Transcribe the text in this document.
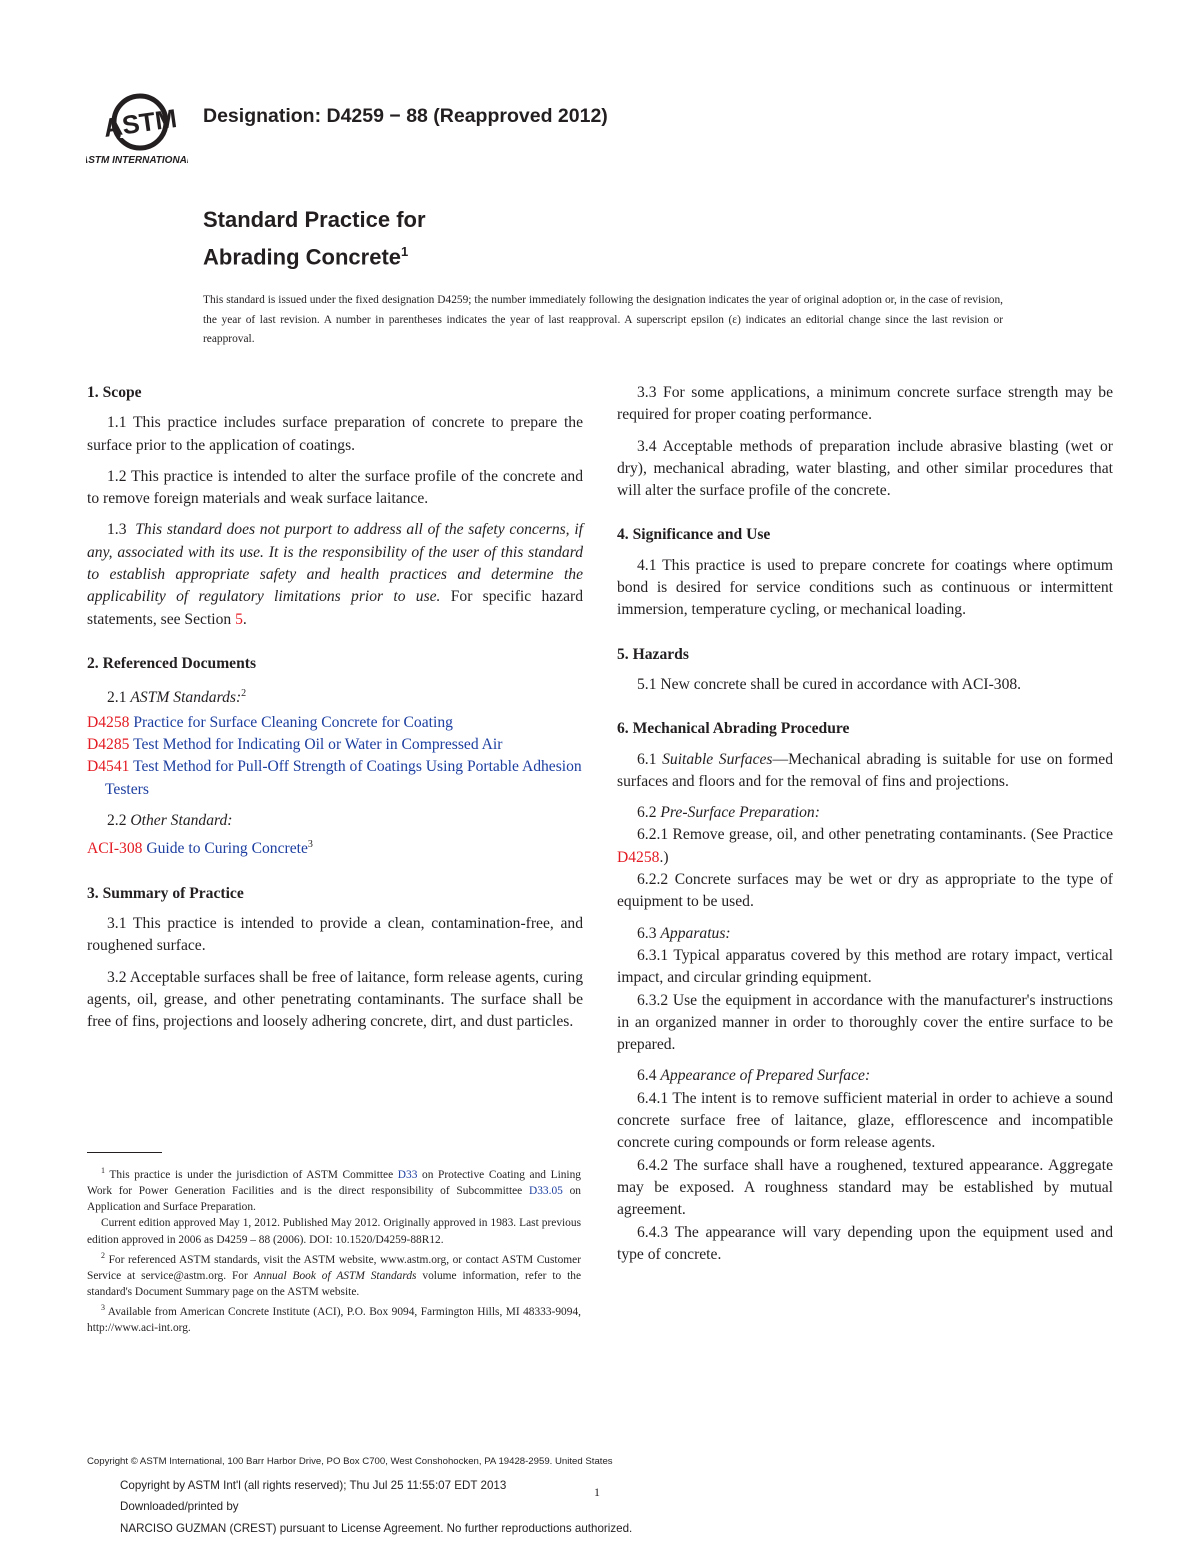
ASTM
ASTM INTERNATIONAL
Designation: D4259 − 88 (Reapproved 2012)
Standard Practice for
Abrading Concrete$^1$
This standard is issued under the fixed designation D4259; the number immediately following the designation indicates the year of original adoption or, in the case of revision, the year of last revision. A number in parentheses indicates the year of last reapproval. A superscript epsilon (ε) indicates an editorial change since the last revision or reapproval.
1. Scope

1.1 This practice includes surface preparation of concrete to prepare the surface prior to the application of coatings.

1.2 This practice is intended to alter the surface profile of the concrete and to remove foreign materials and weak surface laitance.

1.3 This standard does not purport to address all of the safety concerns, if any, associated with its use. It is the responsibility of the user of this standard to establish appropriate safety and health practices and determine the applicability of regulatory limitations prior to use. For specific hazard statements, see Section 5.

2. Referenced Documents
2.1 ASTM Standards:$^2$
D4258 Practice for Surface Cleaning Concrete for Coating
D4285 Test Method for Indicating Oil or Water in Compressed Air
D4541 Test Method for Pull-Off Strength of Coatings Using Portable Adhesion Testers
2.2 Other Standard:
ACI-308 Guide to Curing Concrete$^3$
3. Summary of Practice

3.1 This practice is intended to provide a clean, contamination-free, and roughened surface.

3.2 Acceptable surfaces shall be free of laitance, form release agents, curing agents, oil, grease, and other penetrating contaminants. The surface shall be free of fins, projections and loosely adhering concrete, dirt, and dust particles.

$^1$ This practice is under the jurisdiction of ASTM Committee D33 on Protective Coating and Lining Work for Power Generation Facilities and is the direct responsibility of Subcommittee D33.05 on Application and Surface Preparation.

Current edition approved May 1, 2012. Published May 2012. Originally approved in 1983. Last previous edition approved in 2006 as D4259 – 88 (2006). DOI: 10.1520/D4259-88R12.

$^2$ For referenced ASTM standards, visit the ASTM website, www.astm.org, or contact ASTM Customer Service at service@astm.org. For Annual Book of ASTM Standards volume information, refer to the standard's Document Summary page on the ASTM website.

$^3$ Available from American Concrete Institute (ACI), P.O. Box 9094, Farmington Hills, MI 48333-9094, http://www.aci-int.org.

3.3 For some applications, a minimum concrete surface strength may be required for proper coating performance.

3.4 Acceptable methods of preparation include abrasive blasting (wet or dry), mechanical abrading, water blasting, and other similar procedures that will alter the surface profile of the concrete.

4. Significance and Use

4.1 This practice is used to prepare concrete for coatings where optimum bond is desired for service conditions such as continuous or intermittent immersion, temperature cycling, or mechanical loading.

5. Hazards

5.1 New concrete shall be cured in accordance with ACI-308.

6. Mechanical Abrading Procedure

6.1 Suitable Surfaces—Mechanical abrading is suitable for use on formed surfaces and floors and for the removal of fins and projections.

6.2 Pre-Surface Preparation:

6.2.1 Remove grease, oil, and other penetrating contaminants. (See Practice D4258.)

6.2.2 Concrete surfaces may be wet or dry as appropriate to the type of equipment to be used.

6.3 Apparatus:

6.3.1 Typical apparatus covered by this method are rotary impact, vertical impact, and circular grinding equipment.

6.3.2 Use the equipment in accordance with the manufacturer's instructions in an organized manner in order to thoroughly cover the entire surface to be prepared.

6.4 Appearance of Prepared Surface:

6.4.1 The intent is to remove sufficient material in order to achieve a sound concrete surface free of laitance, glaze, efflorescence and incompatible concrete curing compounds or form release agents.

6.4.2 The surface shall have a roughened, textured appearance. Aggregate may be exposed. A roughness standard may be established by mutual agreement.

6.4.3 The appearance will vary depending upon the equipment used and type of concrete.

Copyright © ASTM International, 100 Barr Harbor Drive, PO Box C700, West Conshohocken, PA 19428-2959. United States
Copyright by ASTM Int'l (all rights reserved); Thu Jul 25 11:55:07 EDT 2013
Downloaded/printed by
NARCISO GUZMAN (CREST) pursuant to License Agreement. No further reproductions authorized.
1
